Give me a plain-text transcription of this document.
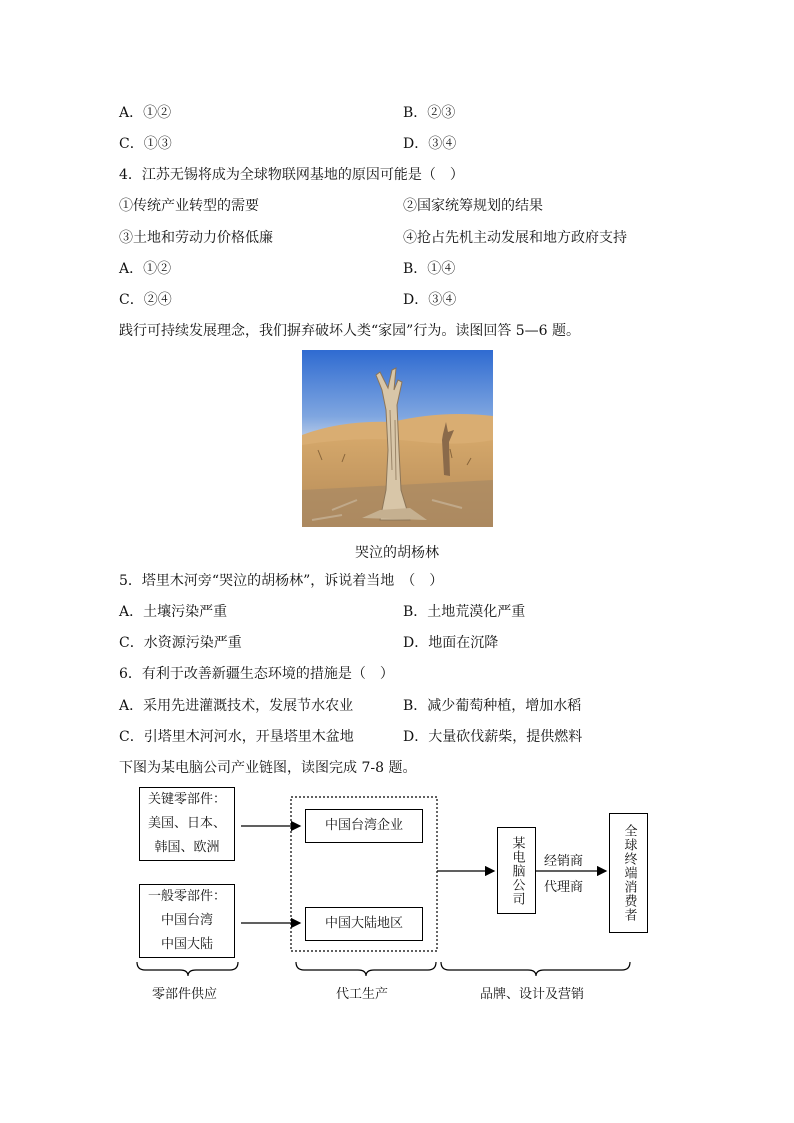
A．①②	B．②③
C．①③	D．③④
4．江苏无锡将成为全球物联网基地的原因可能是（　）
①传统产业转型的需要	②国家统筹规划的结果
③土地和劳动力价格低廉	④抢占先机主动发展和地方政府支持
A．①②	B．①④
C．②④	D．③④
践行可持续发展理念，我们摒弃破坏人类“家园”行为。读图回答 5—6 题。
哭泣的胡杨林
5．塔里木河旁“哭泣的胡杨林”，诉说着当地　（　）
A．土壤污染严重	B．土地荒漠化严重
C．水资源污染严重	D．地面在沉降
6．有利于改善新疆生态环境的措施是（　）
A．采用先进灌溉技术，发展节水农业	B．减少葡萄种植，增加水稻
C．引塔里木河河水，开垦塔里木盆地	D．大量砍伐薪柴，提供燃料
下图为某电脑公司产业链图，读图完成 7-8 题。
关键零部件：
美国、日本、
韩国、欧洲
一般零部件：
中国台湾
中国大陆
中国台湾企业
中国大陆地区
某电脑公司	全球终端消费者
经销商
代理商
零部件供应	代工生产	品牌、设计及营销
